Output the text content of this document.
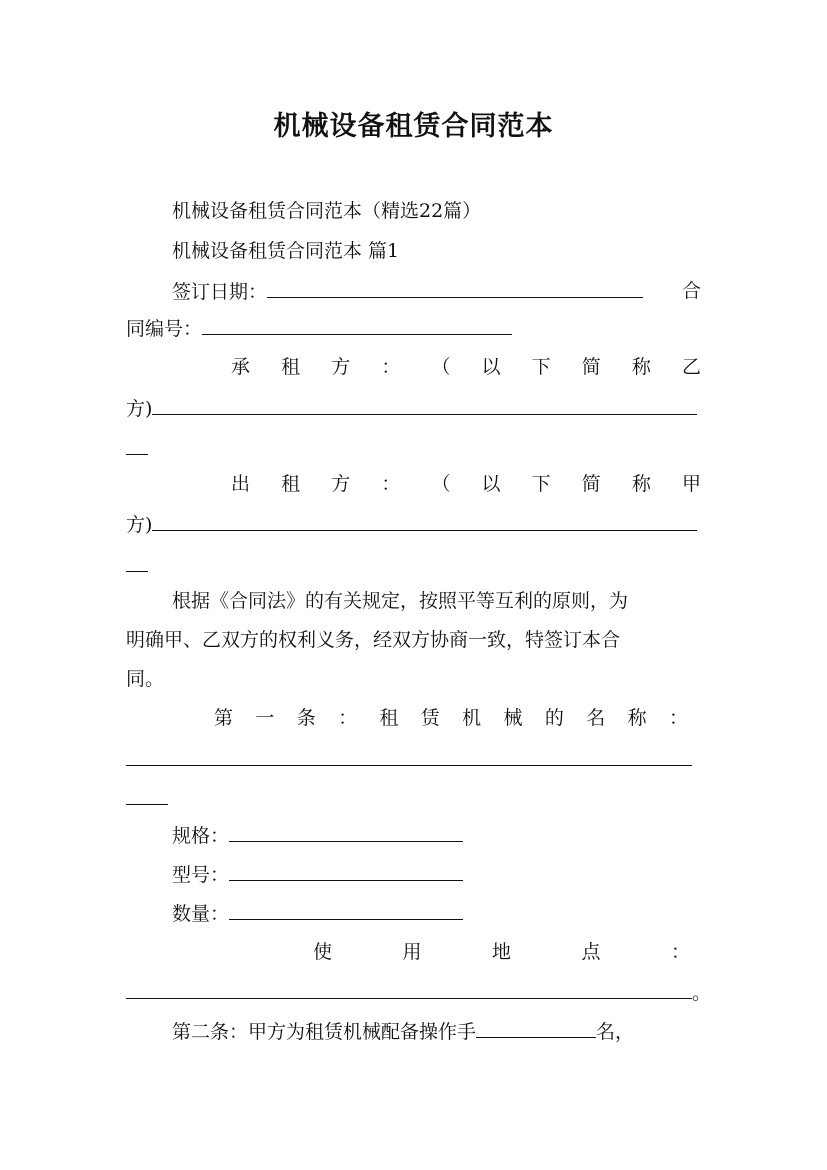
机械设备租赁合同范本
机械设备租赁合同范本（精选22篇）
机械设备租赁合同范本 篇1
签订日期：	合
同编号：
承 租 方 ： （ 以 下 简 称 乙
方)
出 租 方 ： （ 以 下 简 称 甲
方)
根据《合同法》的有关规定，按照平等互利的原则，为
明确甲、乙双方的权利义务，经双方协商一致，特签订本合
同。
第 一 条 ： 租 赁 机 械 的 名 称 ：
规格：
型号：
数量：
使	用	地	点	：
。
第二条：甲方为租赁机械配备操作手	名，
